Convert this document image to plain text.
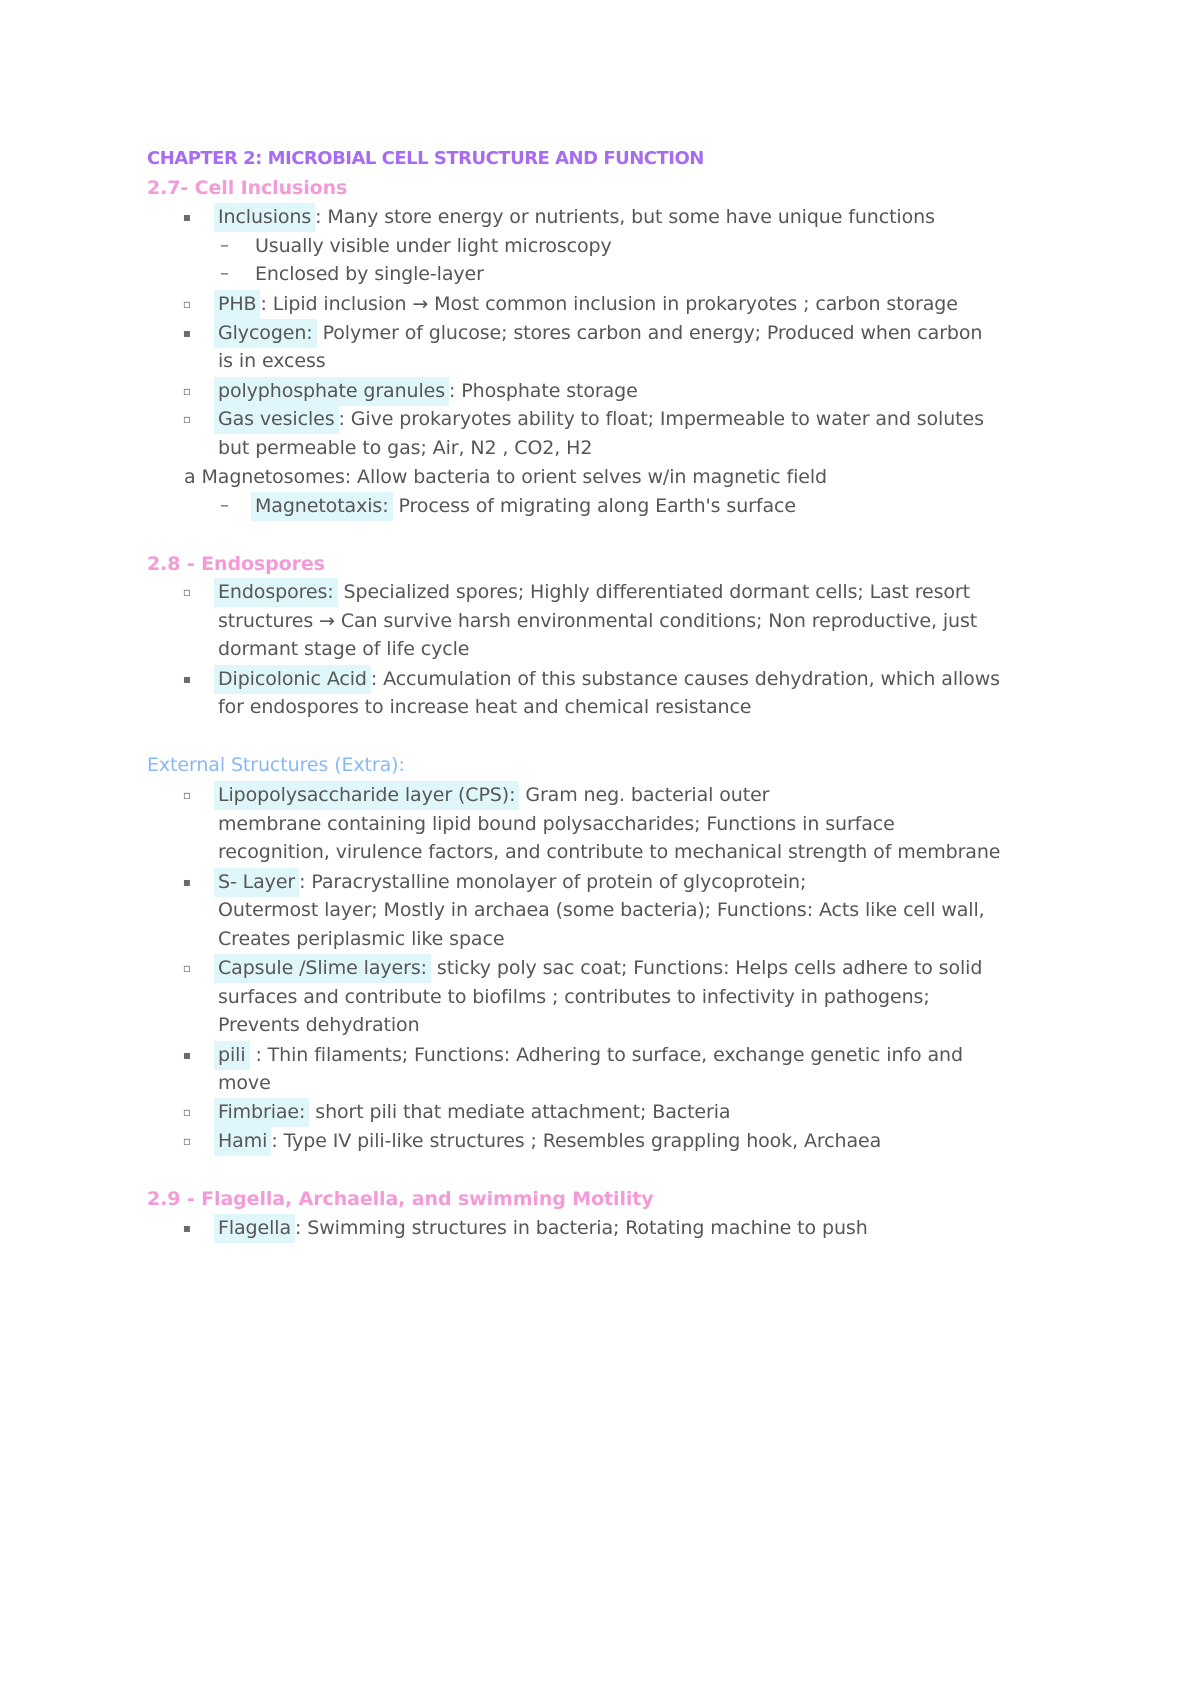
CHAPTER 2: MICROBIAL CELL STRUCTURE AND FUNCTION
2.7- Cell Inclusions
▪ Inclusions : Many store energy or nutrients, but some have unique functions
– Usually visible under light microscopy
– Enclosed by single-layer
▫ PHB : Lipid inclusion → Most common inclusion in prokaryotes ; carbon storage
▪ Glycogen: Polymer of glucose; stores carbon and energy; Produced when carbon
is in excess
▫ polyphosphate granules : Phosphate storage
▫ Gas vesicles : Give prokaryotes ability to float; Impermeable to water and solutes
but permeable to gas; Air, N2 , CO2, H2
a Magnetosomes: Allow bacteria to orient selves w/in magnetic field
– Magnetotaxis: Process of migrating along Earth's surface
2.8 - Endospores
▫ Endospores: Specialized spores; Highly differentiated dormant cells; Last resort
structures → Can survive harsh environmental conditions; Non reproductive, just
dormant stage of life cycle
▪ Dipicolonic Acid : Accumulation of this substance causes dehydration, which allows
for endospores to increase heat and chemical resistance
External Structures (Extra):
▫ Lipopolysaccharide layer (CPS): Gram neg. bacterial outer
membrane containing lipid bound polysaccharides; Functions in surface
recognition, virulence factors, and contribute to mechanical strength of membrane
▪ S- Layer : Paracrystalline monolayer of protein of glycoprotein;
Outermost layer; Mostly in archaea (some bacteria); Functions: Acts like cell wall,
Creates periplasmic like space
▫ Capsule /Slime layers: sticky poly sac coat; Functions: Helps cells adhere to solid
surfaces and contribute to biofilms ; contributes to infectivity in pathogens;
Prevents dehydration
▪ pili : Thin filaments; Functions: Adhering to surface, exchange genetic info and
move
▫ Fimbriae: short pili that mediate attachment; Bacteria
▫ Hami : Type IV pili-like structures ; Resembles grappling hook, Archaea
2.9 - Flagella, Archaella, and swimming Motility
▪ Flagella : Swimming structures in bacteria; Rotating machine to push
